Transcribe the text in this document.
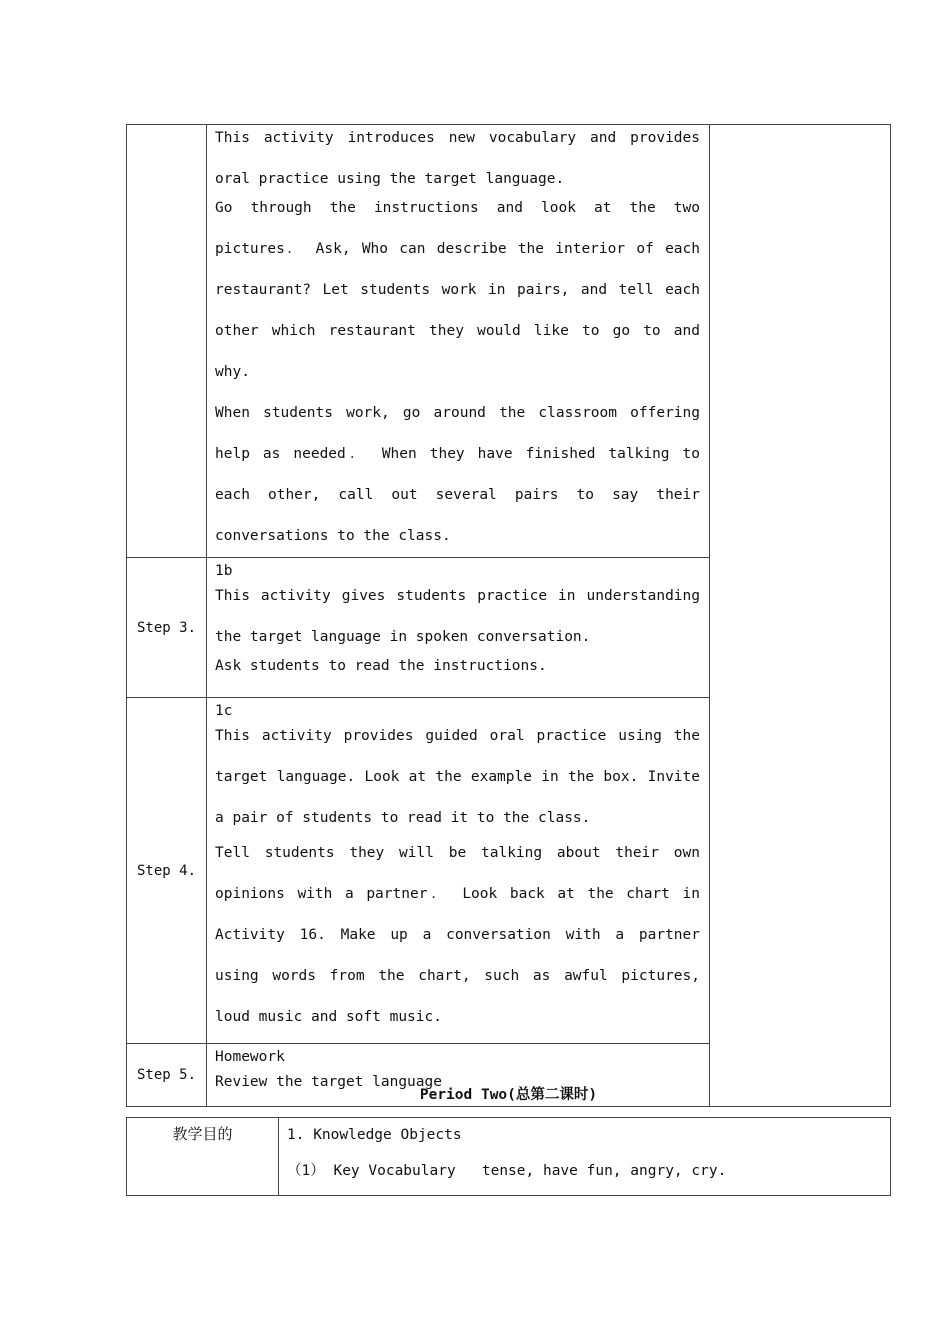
	This activity introduces new vocabulary and provides oral practice using the target language.

Go through the instructions and look at the two pictures． Ask, Who can describe the interior of each restaurant? Let students work in pairs, and tell each other which restaurant they would like to go to and why.

When students work, go around the classroom offering help as needed． When they have finished talking to each other, call out several pairs to say their conversations to the class.	

Step 3.	1b

This activity gives students practice in understanding the target language in spoken conversation.

Ask students to read the instructions.	

Step 4.	1c

This activity provides guided oral practice using the target language. Look at the example in the box. Invite a pair of students to read it to the class.

Tell students they will be talking about their own opinions with a partner． Look back at the chart in Activity 16. Make up a conversation with a partner using words from the chart, such as awful pictures, loud music and soft music.	

Step 5.	Homework

Review the target language	

Period Two(总第二课时)
教学目的	1. Knowledge Objects
（1） Key Vocabulary   tense, have fun, angry, cry.
